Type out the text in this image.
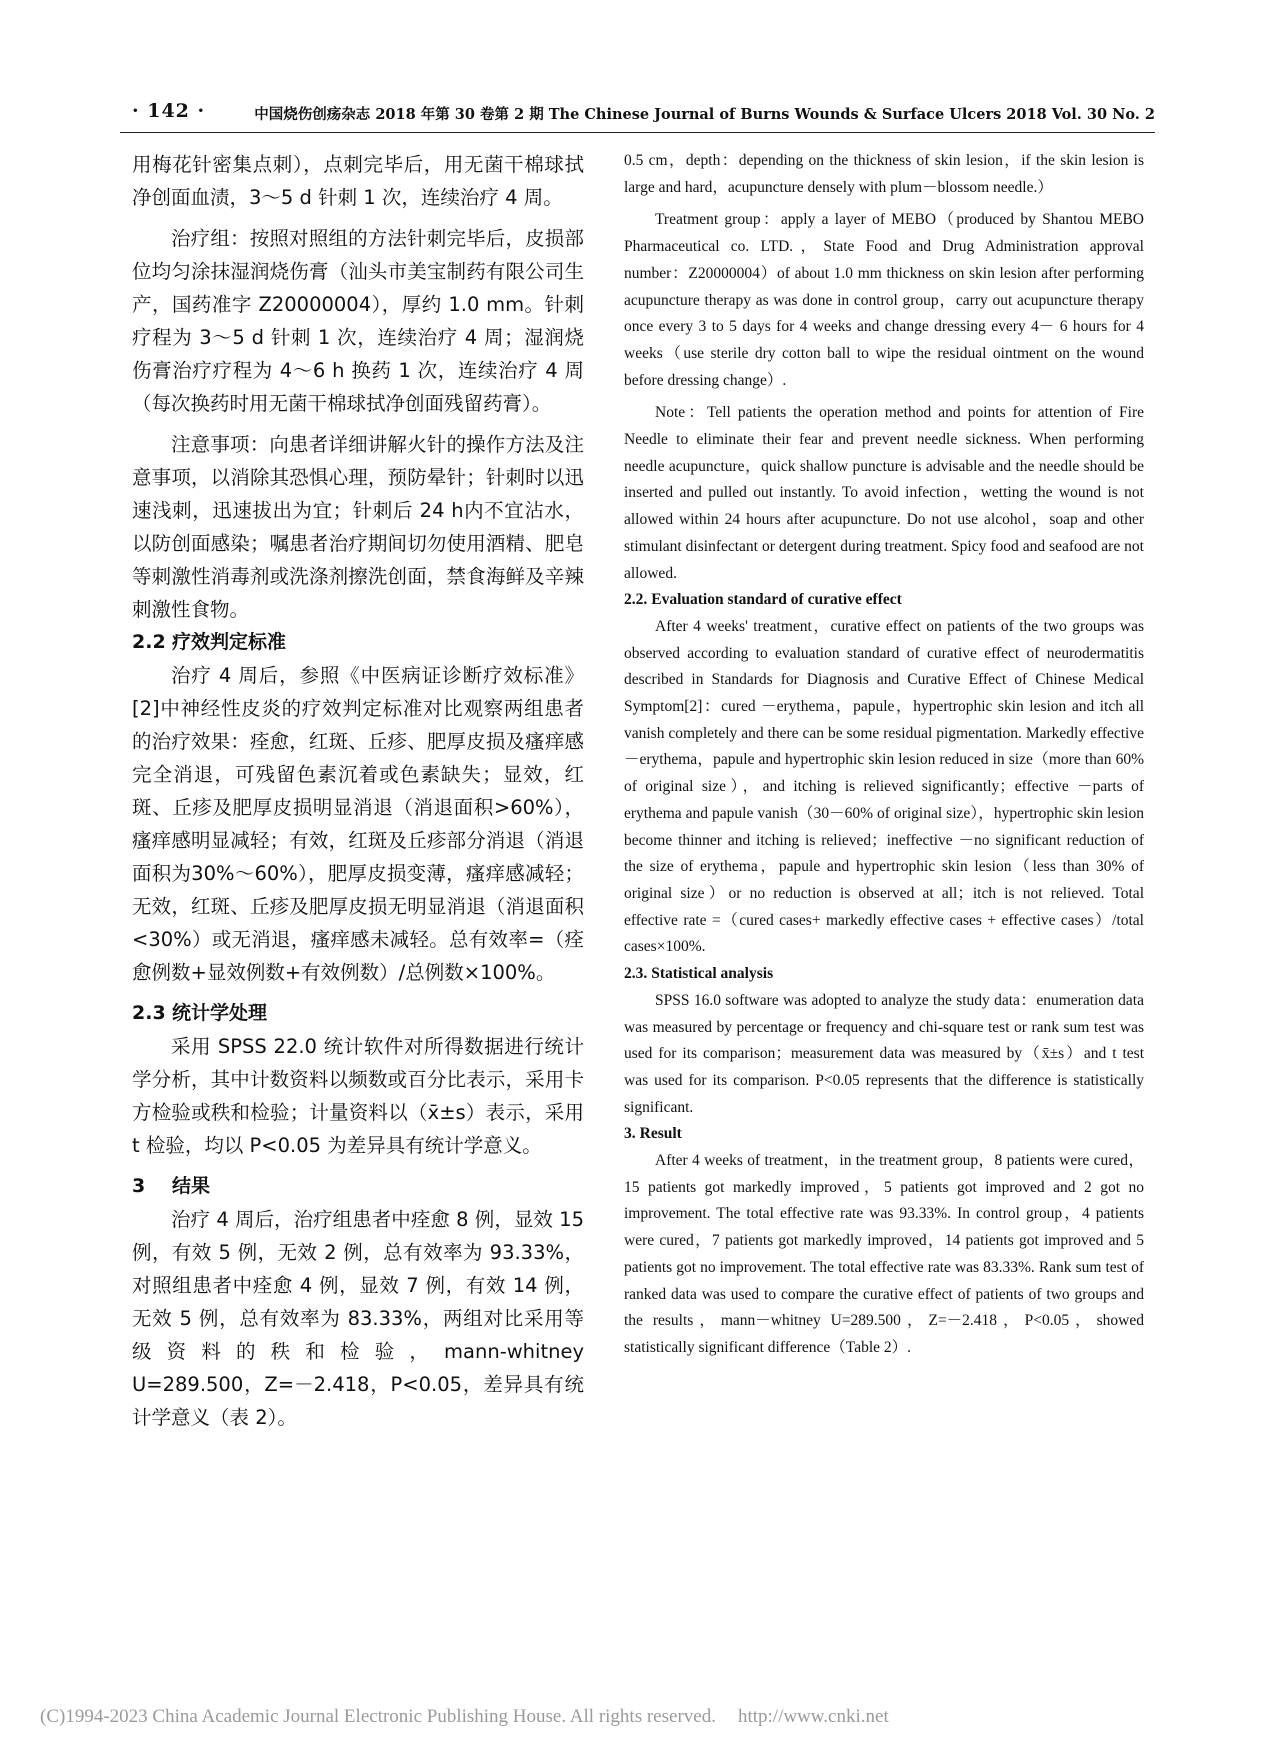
· 142 ·	中国烧伤创疡杂志 2018 年第 30 卷第 2 期 The Chinese Journal of Burns Wounds & Surface Ulcers 2018 Vol. 30 No. 2

用梅花针密集点刺），点刺完毕后，用无菌干棉球拭净创面血渍，3～5 d 针刺 1 次，连续治疗 4 周。

治疗组：按照对照组的方法针刺完毕后，皮损部位均匀涂抹湿润烧伤膏（汕头市美宝制药有限公司生产，国药准字 Z20000004），厚约 1.0 mm。针刺疗程为 3～5 d 针刺 1 次，连续治疗 4 周；湿润烧伤膏治疗疗程为 4～6 h 换药 1 次，连续治疗 4 周（每次换药时用无菌干棉球拭净创面残留药膏）。

注意事项：向患者详细讲解火针的操作方法及注意事项，以消除其恐惧心理，预防晕针；针刺时以迅速浅刺，迅速拔出为宜；针刺后 24 h内不宜沾水，以防创面感染；嘱患者治疗期间切勿使用酒精、肥皂等刺激性消毒剂或洗涤剂擦洗创面，禁食海鲜及辛辣刺激性食物。

2.2 疗效判定标准

治疗 4 周后，参照《中医病证诊断疗效标准》[2]中神经性皮炎的疗效判定标准对比观察两组患者的治疗效果：痊愈，红斑、丘疹、肥厚皮损及瘙痒感完全消退，可残留色素沉着或色素缺失；显效，红斑、丘疹及肥厚皮损明显消退（消退面积>60%），瘙痒感明显减轻；有效，红斑及丘疹部分消退（消退面积为30%～60%），肥厚皮损变薄，瘙痒感减轻；无效，红斑、丘疹及肥厚皮损无明显消退（消退面积<30%）或无消退，瘙痒感未减轻。总有效率=（痊愈例数+显效例数+有效例数）/总例数×100%。

2.3 统计学处理

采用 SPSS 22.0 统计软件对所得数据进行统计学分析，其中计数资料以频数或百分比表示，采用卡方检验或秩和检验；计量资料以（x̄±s）表示，采用 t 检验，均以 P<0.05 为差异具有统计学意义。

3 结果

治疗 4 周后，治疗组患者中痊愈 8 例，显效 15 例，有效 5 例，无效 2 例，总有效率为 93.33%，对照组患者中痊愈 4 例，显效 7 例，有效 14 例，无效 5 例，总有效率为 83.33%，两组对比采用等级资料的秩和检验，mann-whitney U=289.500，Z=－2.418，P<0.05，差异具有统计学意义（表 2）。

0.5 cm，depth：depending on the thickness of skin lesion，if the skin lesion is large and hard，acupuncture densely with plum－blossom needle.）

Treatment group：apply a layer of MEBO（produced by Shantou MEBO Pharmaceutical co. LTD.，State Food and Drug Administration approval number：Z20000004）of about 1.0 mm thickness on skin lesion after performing acupuncture therapy as was done in control group，carry out acupuncture therapy once every 3 to 5 days for 4 weeks and change dressing every 4－ 6 hours for 4 weeks（use sterile dry cotton ball to wipe the residual ointment on the wound before dressing change）.

Note：Tell patients the operation method and points for attention of Fire Needle to eliminate their fear and prevent needle sickness. When performing needle acupuncture，quick shallow puncture is advisable and the needle should be inserted and pulled out instantly. To avoid infection，wetting the wound is not allowed within 24 hours after acupuncture. Do not use alcohol，soap and other stimulant disinfectant or detergent during treatment. Spicy food and seafood are not allowed.

2.2. Evaluation standard of curative effect

After 4 weeks' treatment，curative effect on patients of the two groups was observed according to evaluation standard of curative effect of neurodermatitis described in Standards for Diagnosis and Curative Effect of Chinese Medical Symptom[2]：cured －erythema，papule，hypertrophic skin lesion and itch all vanish completely and there can be some residual pigmentation. Markedly effective －erythema，papule and hypertrophic skin lesion reduced in size（more than 60% of original size），and itching is relieved significantly；effective －parts of erythema and papule vanish（30－60% of original size），hypertrophic skin lesion become thinner and itching is relieved；ineffective －no significant reduction of the size of erythema，papule and hypertrophic skin lesion（less than 30% of original size）or no reduction is observed at all；itch is not relieved. Total effective rate =（cured cases+ markedly effective cases + effective cases）/total cases×100%.

2.3. Statistical analysis

SPSS 16.0 software was adopted to analyze the study data：enumeration data was measured by percentage or frequency and chi-square test or rank sum test was used for its comparison；measurement data was measured by（x̄±s）and t test was used for its comparison. P<0.05 represents that the difference is statistically significant.

3. Result

After 4 weeks of treatment，in the treatment group，8 patients were cured，15 patients got markedly improved，5 patients got improved and 2 got no improvement. The total effective rate was 93.33%. In control group，4 patients were cured，7 patients got markedly improved，14 patients got improved and 5 patients got no improvement. The total effective rate was 83.33%. Rank sum test of ranked data was used to compare the curative effect of patients of two groups and the results，mann－whitney U=289.500，Z=－2.418，P<0.05，showed statistically significant difference（Table 2）.

(C)1994-2023 China Academic Journal Electronic Publishing House. All rights reserved. http://www.cnki.net
